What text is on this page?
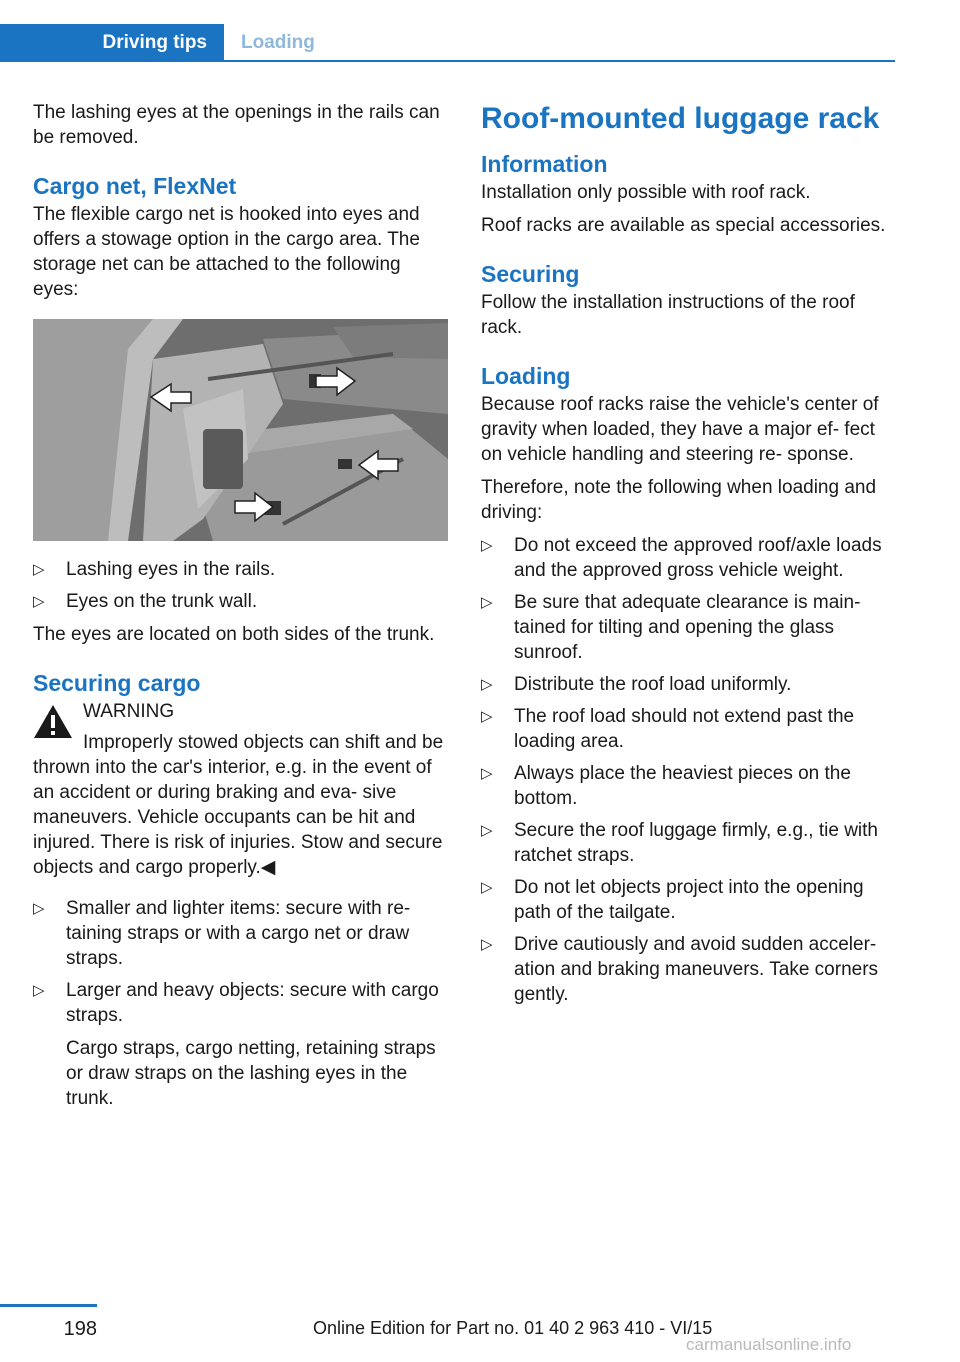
Driving tips	Loading

The lashing eyes at the openings in the rails can be removed.

Cargo net, FlexNet

The flexible cargo net is hooked into eyes and offers a stowage option in the cargo area. The storage net can be attached to the following eyes:

▷ Lashing eyes in the rails.
▷ Eyes on the trunk wall.

The eyes are located on both sides of the trunk.

Securing cargo

WARNING

Improperly stowed objects can shift and be thrown into the car's interior, e.g. in the event of an accident or during braking and eva- sive maneuvers. Vehicle occupants can be hit and injured. There is risk of injuries. Stow and secure objects and cargo properly.◀

▷ Smaller and lighter items: secure with re- taining straps or with a cargo net or draw straps.
▷ Larger and heavy objects: secure with cargo straps.
Cargo straps, cargo netting, retaining straps or draw straps on the lashing eyes in the trunk.
Roof-mounted luggage rack
Information

Installation only possible with roof rack.

Roof racks are available as special accessories.

Securing

Follow the installation instructions of the roof rack.

Loading

Because roof racks raise the vehicle's center of gravity when loaded, they have a major ef- fect on vehicle handling and steering re- sponse.

Therefore, note the following when loading and driving:

▷ Do not exceed the approved roof/axle loads and the approved gross vehicle weight.
▷ Be sure that adequate clearance is main- tained for tilting and opening the glass sunroof.
▷ Distribute the roof load uniformly.
▷ The roof load should not extend past the loading area.
▷ Always place the heaviest pieces on the bottom.
▷ Secure the roof luggage firmly, e.g., tie with ratchet straps.
▷ Do not let objects project into the opening path of the tailgate.
▷ Drive cautiously and avoid sudden acceler- ation and braking maneuvers. Take corners gently.
198	Online Edition for Part no. 01 40 2 963 410 - VI/15
carmanualsonline.info
